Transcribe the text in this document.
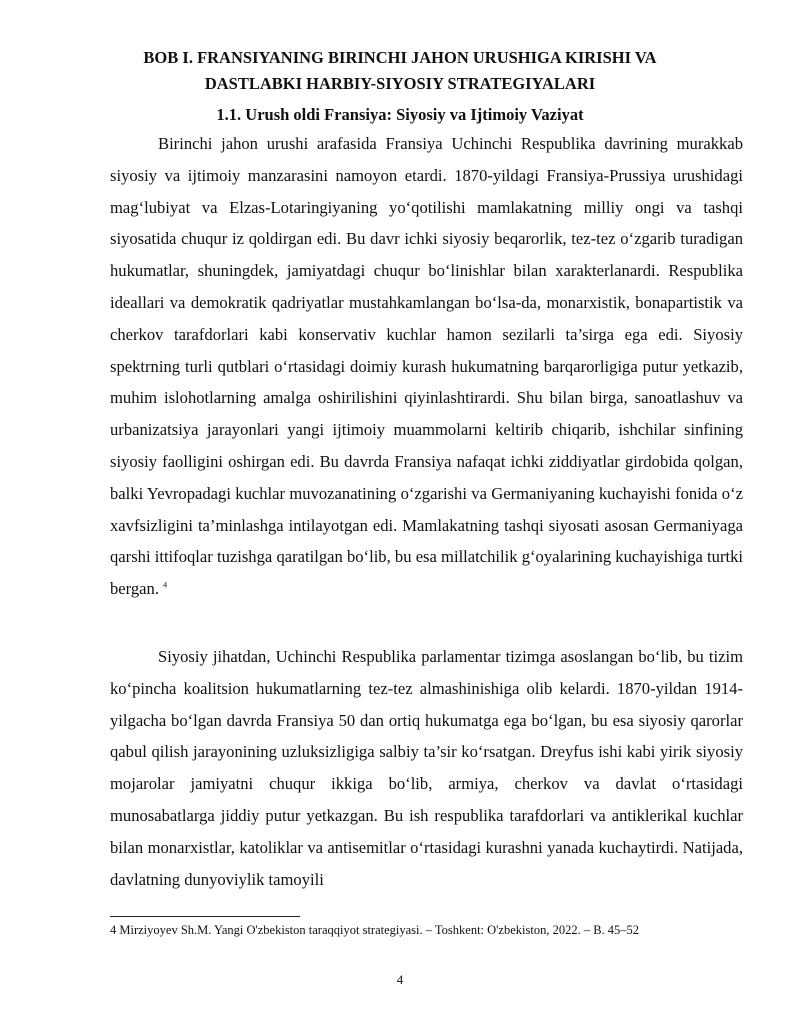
BOB I. FRANSIYANING BIRINCHI JAHON URUSHIGA KIRISHI VA
DASTLABKI HARBIY-SIYOSIY STRATEGIYALARI
1.1. Urush oldi Fransiya: Siyosiy va Ijtimoiy Vaziyat

Birinchi jahon urushi arafasida Fransiya Uchinchi Respublika davrining murakkab siyosiy va ijtimoiy manzarasini namoyon etardi. 1870-yildagi Fransiya-Prussiya urushidagi mag‘lubiyat va Elzas-Lotaringiyaning yo‘qotilishi mamlakatning milliy ongi va tashqi siyosatida chuqur iz qoldirgan edi. Bu davr ichki siyosiy beqarorlik, tez-tez o‘zgarib turadigan hukumatlar, shuningdek, jamiyatdagi chuqur bo‘linishlar bilan xarakterlanardi. Respublika ideallari va demokratik qadriyatlar mustahkamlangan bo‘lsa-da, monarxistik, bonapartistik va cherkov tarafdorlari kabi konservativ kuchlar hamon sezilarli ta’sirga ega edi. Siyosiy spektrning turli qutblari o‘rtasidagi doimiy kurash hukumatning barqarorligiga putur yetkazib, muhim islohotlarning amalga oshirilishini qiyinlashtirardi. Shu bilan birga, sanoatlashuv va urbanizatsiya jarayonlari yangi ijtimoiy muammolarni keltirib chiqarib, ishchilar sinfining siyosiy faolligini oshirgan edi. Bu davrda Fransiya nafaqat ichki ziddiyatlar girdobida qolgan, balki Yevropadagi kuchlar muvozanatining o‘zgarishi va Germaniyaning kuchayishi fonida o‘z xavfsizligini ta’minlashga intilayotgan edi. Mamlakatning tashqi siyosati asosan Germaniyaga qarshi ittifoqlar tuzishga qaratilgan bo‘lib, bu esa millatchilik g‘oyalarining kuchayishiga turtki bergan. $^4$

Siyosiy jihatdan, Uchinchi Respublika parlamentar tizimga asoslangan bo‘lib, bu tizim ko‘pincha koalitsion hukumatlarning tez-tez almashinishiga olib kelardi. 1870-yildan 1914-yilgacha bo‘lgan davrda Fransiya 50 dan ortiq hukumatga ega bo‘lgan, bu esa siyosiy qarorlar qabul qilish jarayonining uzluksizligiga salbiy ta’sir ko‘rsatgan. Dreyfus ishi kabi yirik siyosiy mojarolar jamiyatni chuqur ikkiga bo‘lib, armiya, cherkov va davlat o‘rtasidagi munosabatlarga jiddiy putur yetkazgan. Bu ish respublika tarafdorlari va antiklerikal kuchlar bilan monarxistlar, katoliklar va antisemitlar o‘rtasidagi kurashni yanada kuchaytirdi. Natijada, davlatning dunyoviylik tamoyili

4 Mirziyoyev Sh.M. Yangi O'zbekiston taraqqiyot strategiyasi. – Toshkent: O'zbekiston, 2022. – B. 45–52

4
